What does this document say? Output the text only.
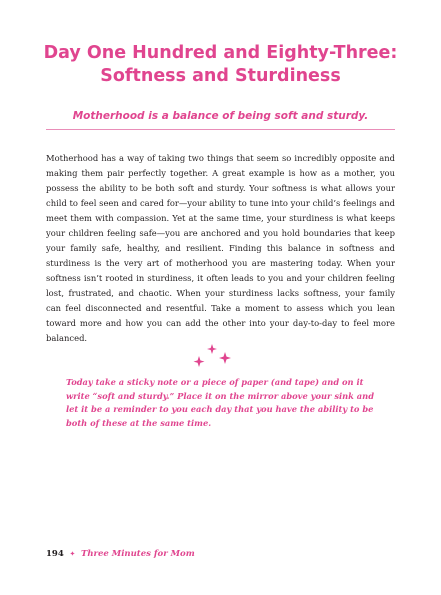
Day One Hundred and Eighty-Three:
Softness and Sturdiness

Motherhood is a balance of being soft and sturdy.

Motherhood has a way of taking two things that seem so incredibly opposite and making them pair perfectly together. A great example is how as a mother, you possess the ability to be both soft and sturdy. Your softness is what allows your child to feel seen and cared for—your ability to tune into your child’s feelings and meet them with compassion. Yet at the same time, your sturdiness is what keeps your children feeling safe—you are anchored and you hold boundaries that keep your family safe, healthy, and resilient. Finding this balance in softness and sturdiness is the very art of motherhood you are mastering today. When your softness isn’t rooted in sturdiness, it often leads to you and your children feeling lost, frustrated, and chaotic. When your sturdiness lacks softness, your family can feel disconnected and resentful. Take a moment to assess which you lean toward more and how you can add the other into your day-to-day to feel more balanced.

Today take a sticky note or a piece of paper (and tape) and on it write “soft and sturdy.” Place it on the mirror above your sink and let it be a reminder to you each day that you have the ability to be both of these at the same time.

194 ✦ Three Minutes for Mom
